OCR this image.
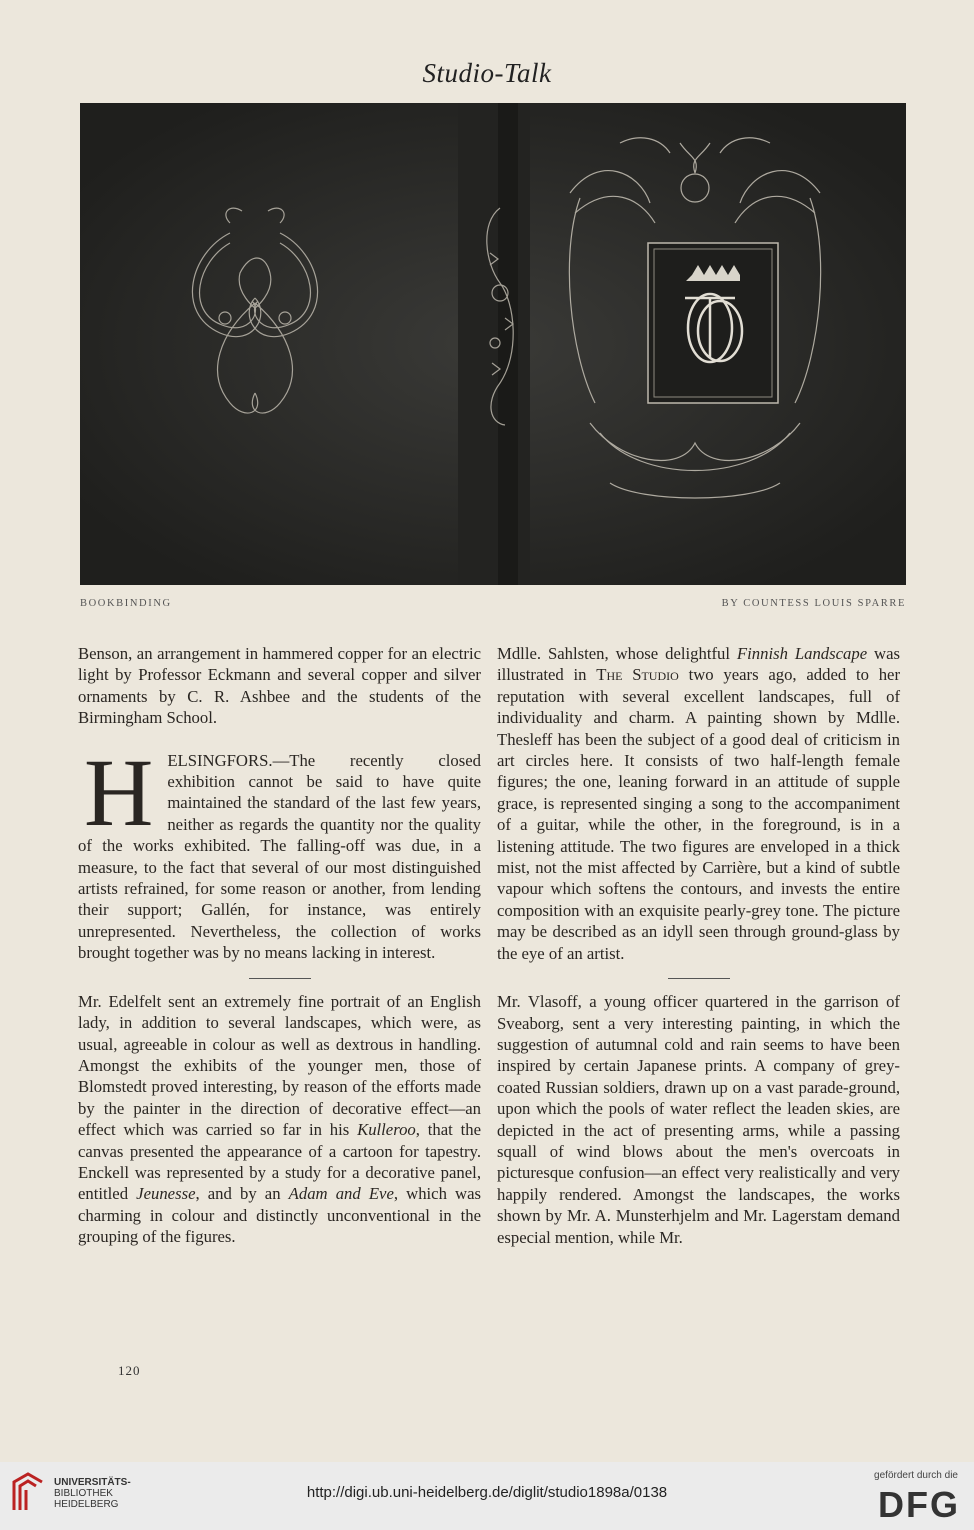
Studio-Talk
BOOKBINDING	BY COUNTESS LOUIS SPARRE

Benson, an arrangement in hammered copper for an electric light by Professor Eckmann and several copper and silver ornaments by C. R. Ashbee and the students of the Birmingham School.

HELSINGFORS.—The recently closed exhibition cannot be said to have quite maintained the standard of the last few years, neither as regards the quantity nor the quality of the works exhibited. The falling-off was due, in a measure, to the fact that several of our most distinguished artists refrained, for some reason or another, from lending their support; Gallén, for instance, was entirely unrepresented. Nevertheless, the collection of works brought together was by no means lacking in interest.

Mr. Edelfelt sent an extremely fine portrait of an English lady, in addition to several landscapes, which were, as usual, agreeable in colour as well as dextrous in handling. Amongst the exhibits of the younger men, those of Blomstedt proved interesting, by reason of the efforts made by the painter in the direction of decorative effect—an effect which was carried so far in his Kulleroo, that the canvas presented the appearance of a cartoon for tapestry. Enckell was represented by a study for a decorative panel, entitled Jeunesse, and by an Adam and Eve, which was charming in colour and distinctly unconventional in the grouping of the figures.

Mdlle. Sahlsten, whose delightful Finnish Landscape was illustrated in The Studio two years ago, added to her reputation with several excellent landscapes, full of individuality and charm. A painting shown by Mdlle. Thesleff has been the subject of a good deal of criticism in art circles here. It consists of two half-length female figures; the one, leaning forward in an attitude of supple grace, is represented singing a song to the accompaniment of a guitar, while the other, in the foreground, is in a listening attitude. The two figures are enveloped in a thick mist, not the mist affected by Carrière, but a kind of subtle vapour which softens the contours, and invests the entire composition with an exquisite pearly-grey tone. The picture may be described as an idyll seen through ground-glass by the eye of an artist.

Mr. Vlasoff, a young officer quartered in the garrison of Sveaborg, sent a very interesting painting, in which the suggestion of autumnal cold and rain seems to have been inspired by certain Japanese prints. A company of grey-coated Russian soldiers, drawn up on a vast parade-ground, upon which the pools of water reflect the leaden skies, are depicted in the act of presenting arms, while a passing squall of wind blows about the men's overcoats in picturesque confusion—an effect very realistically and very happily rendered. Amongst the landscapes, the works shown by Mr. A. Munsterhjelm and Mr. Lagerstam demand especial mention, while Mr.

120
UNIVERSITÄTS-
BIBLIOTHEK
HEIDELBERG
http://digi.ub.uni-heidelberg.de/diglit/studio1898a/0138
gefördert durch die
DFG
